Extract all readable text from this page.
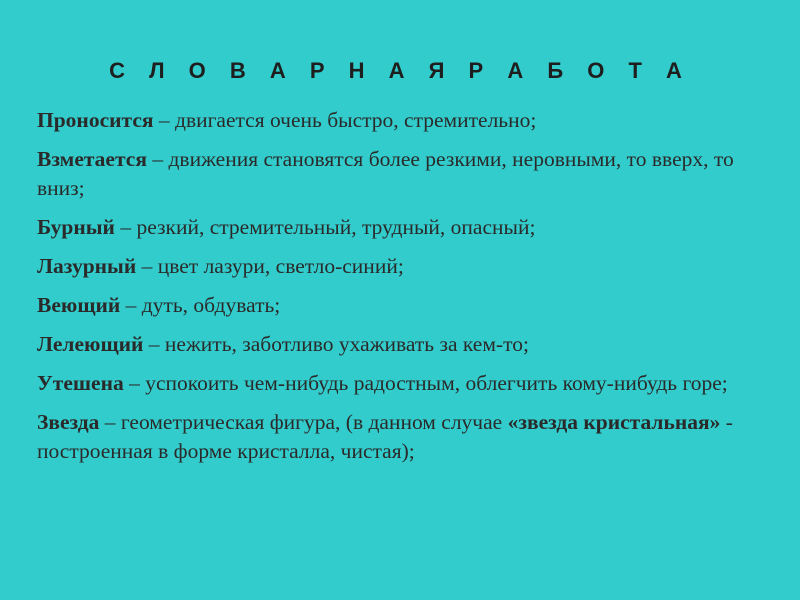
С Л О В А Р Н А Я Р А Б О Т А

Проносится – двигается очень быстро, стремительно;

Взметается – движения становятся более резкими, неровными, то вверх, то вниз;

Бурный – резкий, стремительный, трудный, опасный;

Лазурный – цвет лазури, светло-синий;

Веющий – дуть, обдувать;

Лелеющий – нежить, заботливо ухаживать за кем-то;

Утешена – успокоить чем-нибудь радостным, облегчить кому-нибудь горе;

Звезда – геометрическая фигура, (в данном случае «звезда кристальная» - построенная в форме кристалла, чистая);
